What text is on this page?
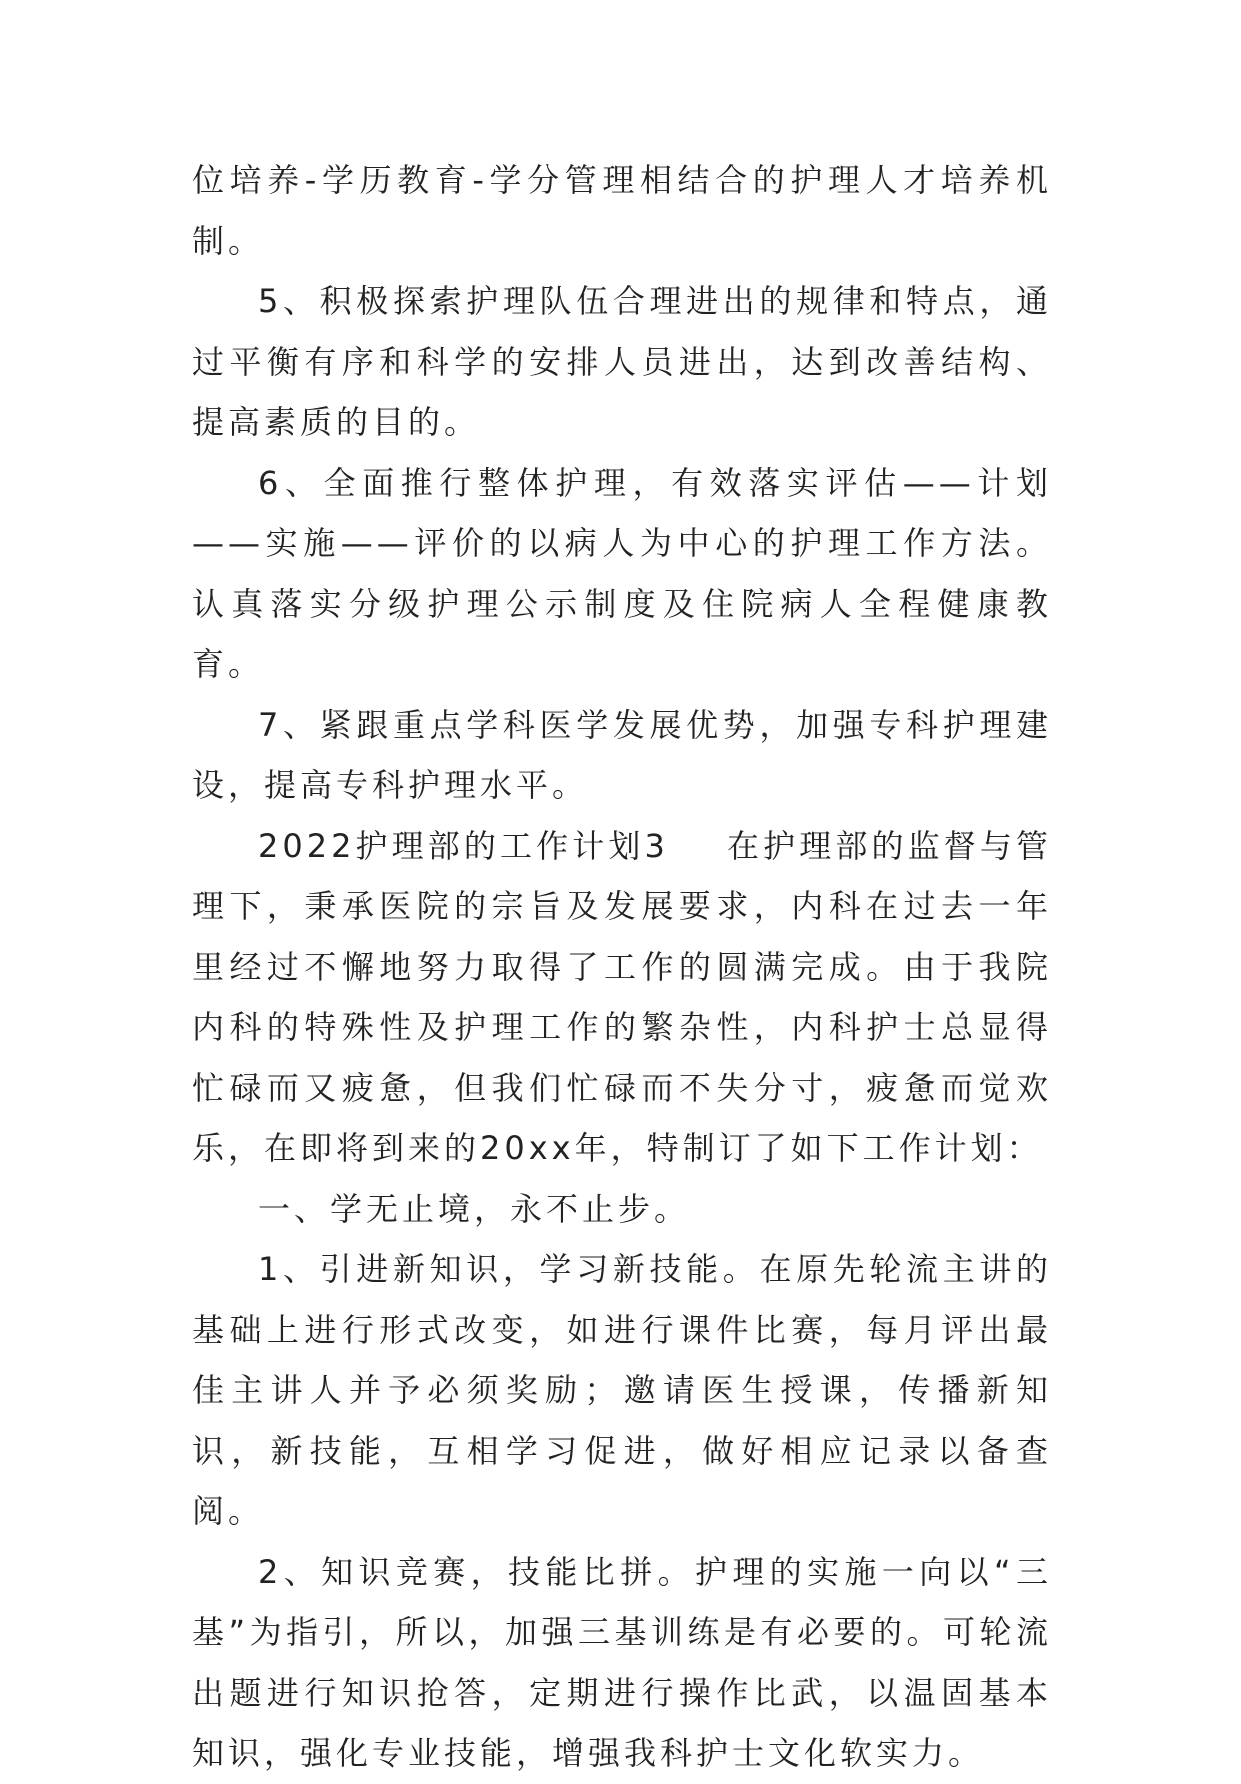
位培养-学历教育-学分管理相结合的护理人才培养机制。

5、积极探索护理队伍合理进出的规律和特点，通过平衡有序和科学的安排人员进出，达到改善结构、提高素质的目的。

6、全面推行整体护理，有效落实评估——计划——实施——评价的以病人为中心的护理工作方法。认真落实分级护理公示制度及住院病人全程健康教育。

7、紧跟重点学科医学发展优势，加强专科护理建设，提高专科护理水平。

2022护理部的工作计划3 在护理部的监督与管理下，秉承医院的宗旨及发展要求，内科在过去一年里经过不懈地努力取得了工作的圆满完成。由于我院内科的特殊性及护理工作的繁杂性，内科护士总显得忙碌而又疲惫，但我们忙碌而不失分寸，疲惫而觉欢乐，在即将到来的20xx年，特制订了如下工作计划：

一、学无止境，永不止步。

1、引进新知识，学习新技能。在原先轮流主讲的基础上进行形式改变，如进行课件比赛，每月评出最佳主讲人并予必须奖励；邀请医生授课，传播新知识，新技能，互相学习促进，做好相应记录以备查阅。

2、知识竞赛，技能比拼。护理的实施一向以“三基”为指引，所以，加强三基训练是有必要的。可轮流出题进行知识抢答，定期进行操作比武，以温固基本知识，强化专业技能，增强我科护士文化软实力。
